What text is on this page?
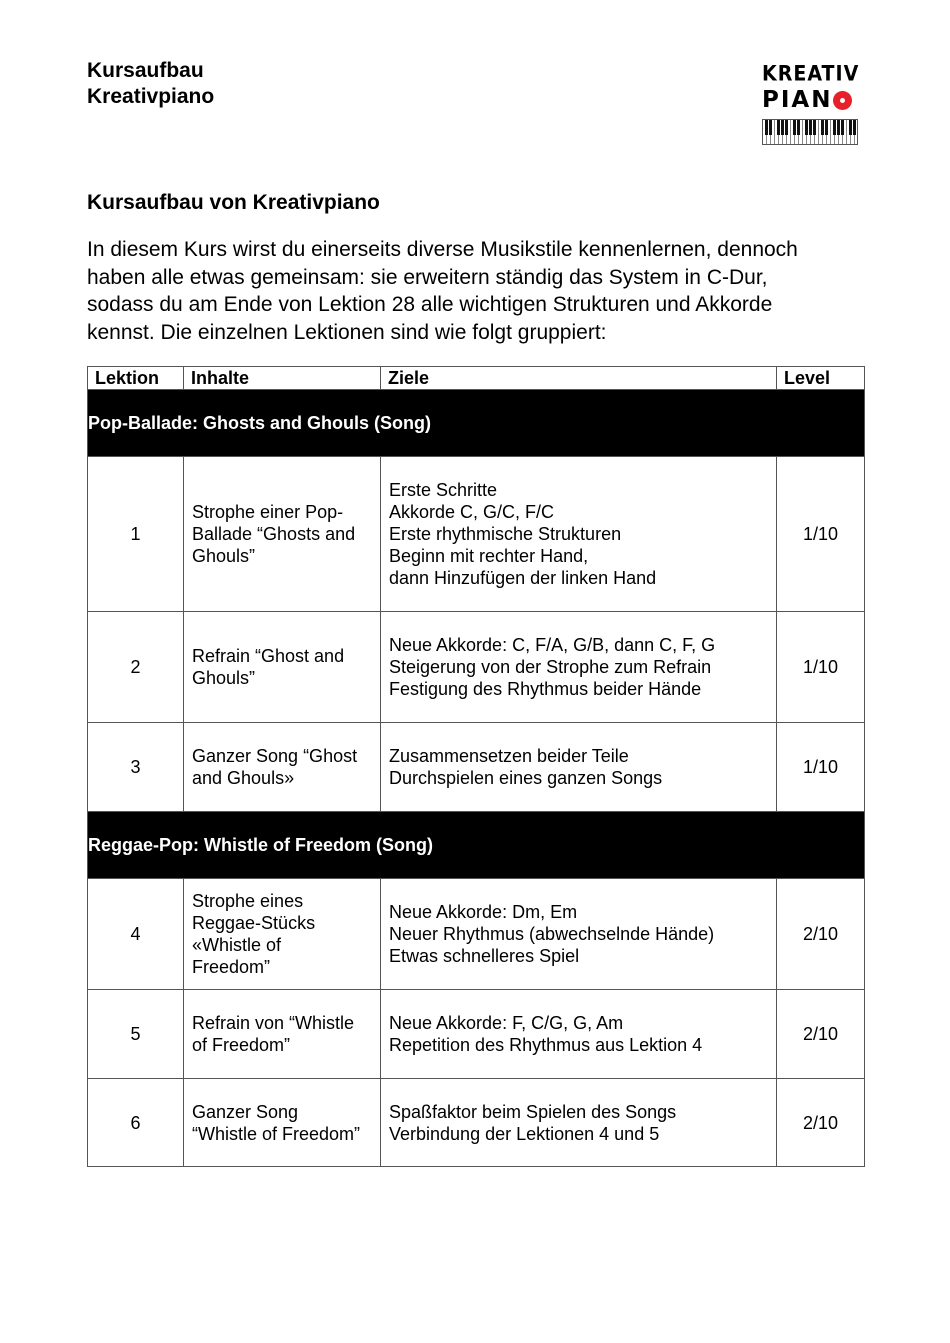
Kursaufbau
Kreativpiano
KREATIV
PIAN
Kursaufbau von Kreativpiano
In diesem Kurs wirst du einerseits diverse Musikstile kennenlernen, dennoch
haben alle etwas gemeinsam: sie erweitern ständig das System in C-Dur,
sodass du am Ende von Lektion 28 alle wichtigen Strukturen und Akkorde
kennst. Die einzelnen Lektionen sind wie folgt gruppiert:
Lektion	Inhalte	Ziele	Level
Pop-Ballade: Ghosts and Ghouls (Song)			
1	Strophe einer Pop-
Ballade “Ghosts and
Ghouls”	Erste Schritte
Akkorde C, G/C, F/C
Erste rhythmische Strukturen
Beginn mit rechter Hand,
dann Hinzufügen der linken Hand	1/10
2	Refrain “Ghost and
Ghouls”	Neue Akkorde: C, F/A, G/B, dann C, F, G
Steigerung von der Strophe zum Refrain
Festigung des Rhythmus beider Hände	1/10
3	Ganzer Song “Ghost
and Ghouls»	Zusammensetzen beider Teile
Durchspielen eines ganzen Songs	1/10
Reggae-Pop: Whistle of Freedom (Song)			
4	Strophe eines
Reggae-Stücks
«Whistle of
Freedom”	Neue Akkorde: Dm, Em
Neuer Rhythmus (abwechselnde Hände)
Etwas schnelleres Spiel	2/10
5	Refrain von “Whistle
of Freedom”	Neue Akkorde: F, C/G, G, Am
Repetition des Rhythmus aus Lektion 4	2/10
6	Ganzer Song
“Whistle of Freedom”	Spaßfaktor beim Spielen des Songs
Verbindung der Lektionen 4 und 5	2/10
